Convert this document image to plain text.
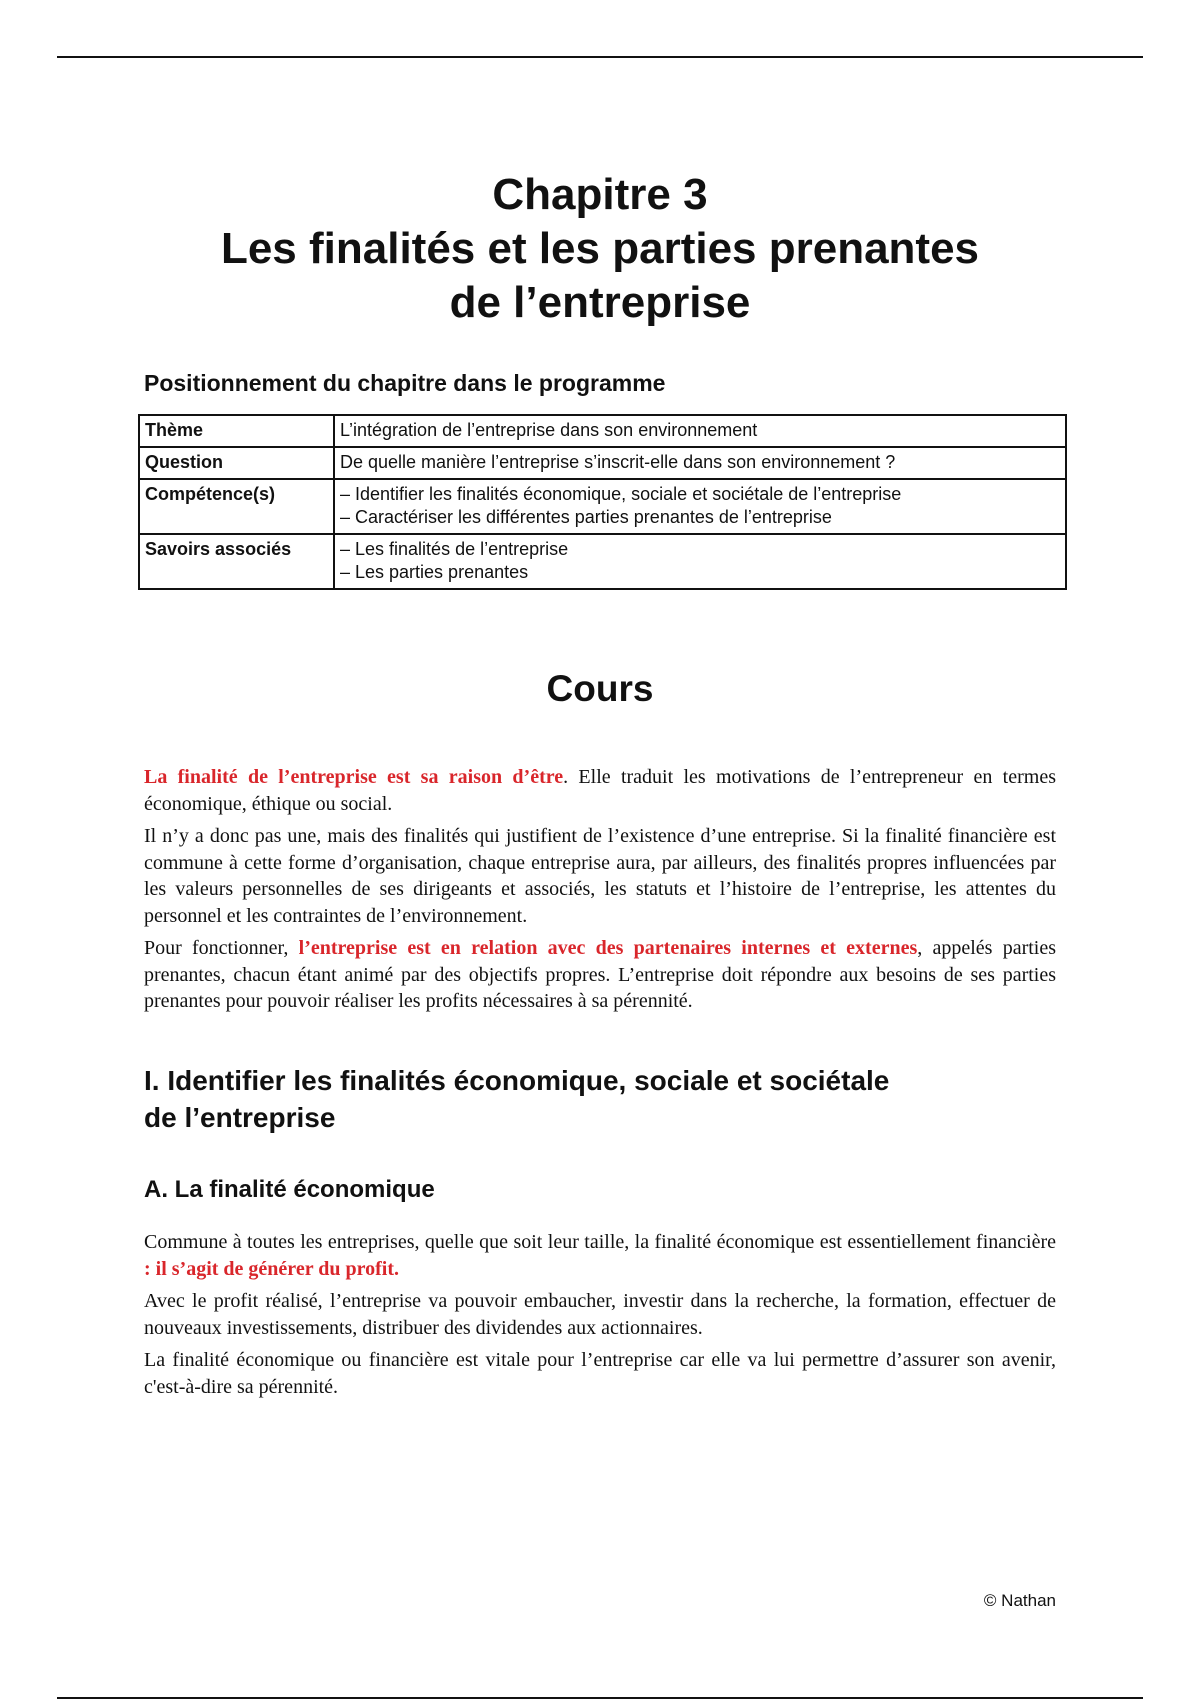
Chapitre 3
Les finalités et les parties prenantes
de l’entreprise
Positionnement du chapitre dans le programme
Thème	L’intégration de l’entreprise dans son environnement

Question	De quelle manière l’entreprise s’inscrit-elle dans son environnement ?

Compétence(s)	– Identifier les finalités économique, sociale et sociétale de l’entreprise
– Caractériser les différentes parties prenantes de l’entreprise

Savoirs associés	– Les finalités de l’entreprise
– Les parties prenantes
Cours

La finalité de l’entreprise est sa raison d’être. Elle traduit les motivations de l’entrepreneur en termes économique, éthique ou social.

Il n’y a donc pas une, mais des finalités qui justifient de l’existence d’une entreprise. Si la finalité financière est commune à cette forme d’organisation, chaque entreprise aura, par ailleurs, des finalités propres influencées par les valeurs personnelles de ses dirigeants et associés, les statuts et l’histoire de l’entreprise, les attentes du personnel et les contraintes de l’environnement.

Pour fonctionner, l’entreprise est en relation avec des partenaires internes et externes, appelés parties prenantes, chacun étant animé par des objectifs propres. L’entreprise doit répondre aux besoins de ses parties prenantes pour pouvoir réaliser les profits nécessaires à sa pérennité.

I. Identifier les finalités économique, sociale et sociétale
de l’entreprise
A. La finalité économique

Commune à toutes les entreprises, quelle que soit leur taille, la finalité économique est essentiellement financière : il s’agit de générer du profit.

Avec le profit réalisé, l’entreprise va pouvoir embaucher, investir dans la recherche, la formation, effectuer de nouveaux investissements, distribuer des dividendes aux actionnaires.

La finalité économique ou financière est vitale pour l’entreprise car elle va lui permettre d’assurer son avenir, c'est-à-dire sa pérennité.

© Nathan
